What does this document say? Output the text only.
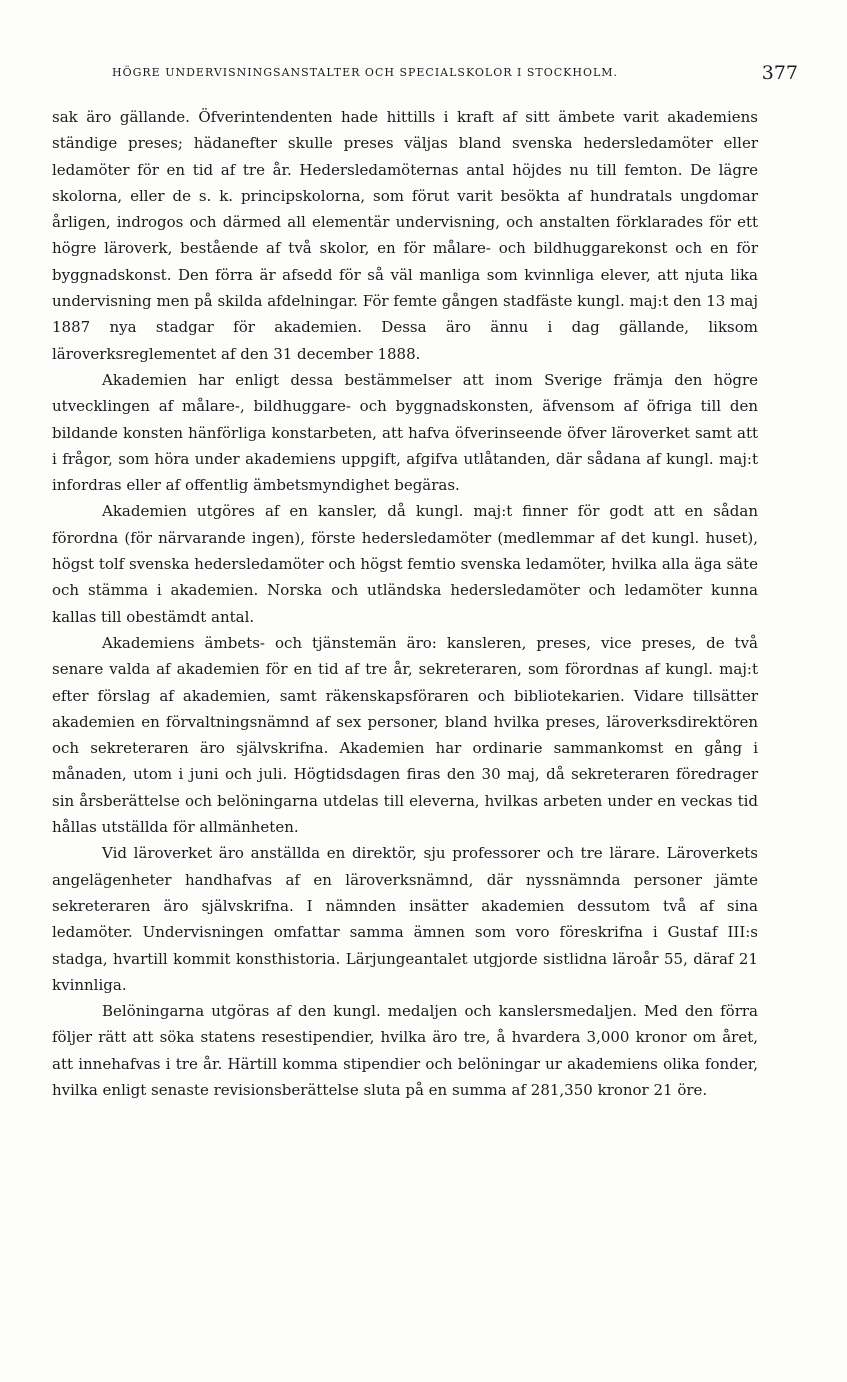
HÖGRE UNDERVISNINGSANSTALTER OCH SPECIALSKOLOR I STOCKHOLM.	377

sak äro gällande. Öfverintendenten hade hittills i kraft af sitt ämbete varit akademiens ständige preses; hädanefter skulle preses väljas bland svenska hedersledamöter eller ledamöter för en tid af tre år. Hedersledamöternas antal höjdes nu till femton. De lägre skolorna, eller de s. k. principskolorna, som förut varit besökta af hundratals ungdomar årligen, indrogos och därmed all elementär undervisning, och anstalten förklarades för ett högre läroverk, bestående af två skolor, en för målare- och bildhuggarekonst och en för byggnadskonst. Den förra är afsedd för så väl manliga som kvinnliga elever, att njuta lika undervisning men på skilda afdelningar. För femte gången stadfäste kungl. maj:t den 13 maj 1887 nya stadgar för akademien. Dessa äro ännu i dag gällande, liksom läroverksreglementet af den 31 december 1888.

Akademien har enligt dessa bestämmelser att inom Sverige främja den högre utvecklingen af målare-, bildhuggare- och byggnadskonsten, äfvensom af öfriga till den bildande konsten hänförliga konstarbeten, att hafva öfverinseende öfver läroverket samt att i frågor, som höra under akademiens uppgift, afgifva utlåtanden, där sådana af kungl. maj:t infordras eller af offentlig ämbetsmyndighet begäras.

Akademien utgöres af en kansler, då kungl. maj:t finner för godt att en sådan förordna (för närvarande ingen), förste hedersledamöter (medlemmar af det kungl. huset), högst tolf svenska hedersledamöter och högst femtio svenska ledamöter, hvilka alla äga säte och stämma i akademien. Norska och utländska hedersledamöter och ledamöter kunna kallas till obestämdt antal.

Akademiens ämbets- och tjänstemän äro: kansleren, preses, vice preses, de två senare valda af akademien för en tid af tre år, sekreteraren, som förordnas af kungl. maj:t efter förslag af akademien, samt räkenskapsföraren och bibliotekarien. Vidare tillsätter akademien en förvaltningsnämnd af sex personer, bland hvilka preses, läroverksdirektören och sekreteraren äro självskrifna. Akademien har ordinarie sammankomst en gång i månaden, utom i juni och juli. Högtidsdagen firas den 30 maj, då sekreteraren föredrager sin årsberättelse och belöningarna utdelas till eleverna, hvilkas arbeten under en veckas tid hållas utställda för allmänheten.

Vid läroverket äro anställda en direktör, sju professorer och tre lärare. Läroverkets angelägenheter handhafvas af en läroverksnämnd, där nyssnämnda personer jämte sekreteraren äro självskrifna. I nämnden insätter akademien dessutom två af sina ledamöter. Undervisningen omfattar samma ämnen som voro föreskrifna i Gustaf III:s stadga, hvartill kommit konsthistoria. Lärjungeantalet utgjorde sistlidna läroår 55, däraf 21 kvinnliga.

Belöningarna utgöras af den kungl. medaljen och kanslersmedaljen. Med den förra följer rätt att söka statens resestipendier, hvilka äro tre, å hvardera 3,000 kronor om året, att innehafvas i tre år. Härtill komma stipendier och belöningar ur akademiens olika fonder, hvilka enligt senaste revisionsberättelse sluta på en summa af 281,350 kronor 21 öre.
